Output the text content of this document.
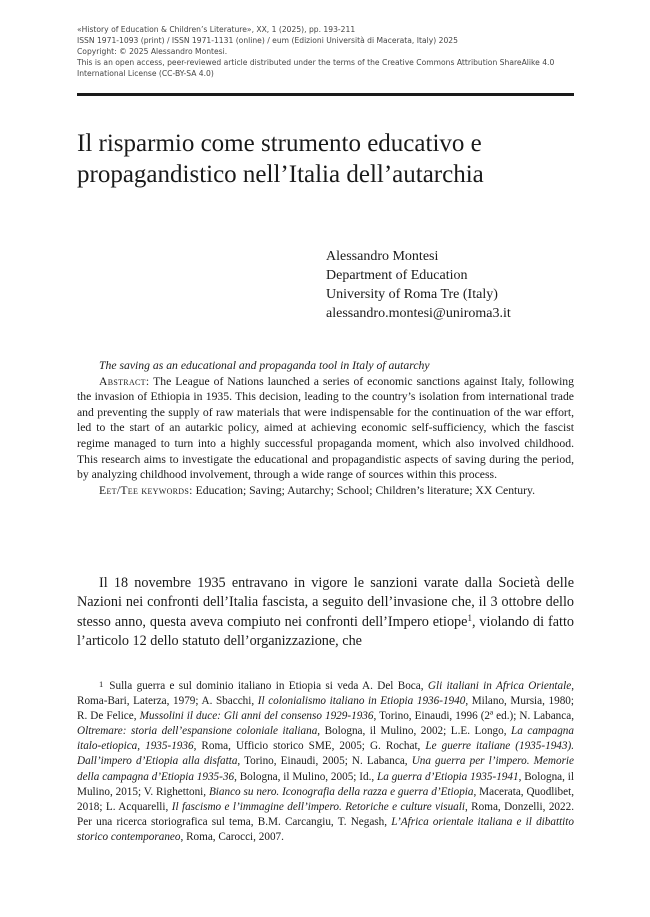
«History of Education & Children’s Literature», XX, 1 (2025), pp. 193-211
ISSN 1971-1093 (print) / ISSN 1971-1131 (online) / eum (Edizioni Università di Macerata, Italy) 2025
Copyright: © 2025 Alessandro Montesi.
This is an open access, peer-reviewed article distributed under the terms of the Creative Commons Attribution ShareAlike 4.0
International License (CC-BY-SA 4.0)
Il risparmio come strumento educativo e
propagandistico nell’Italia dell’autarchia
Alessandro Montesi
Department of Education
University of Roma Tre (Italy)
alessandro.montesi@uniroma3.it
The saving as an educational and propaganda tool in Italy of autarchy

Abstract: The League of Nations launched a series of economic sanctions against Italy, following the invasion of Ethiopia in 1935. This decision, leading to the country’s isolation from international trade and preventing the supply of raw materials that were indispensable for the continuation of the war effort, led to the start of an autarkic policy, aimed at achieving economic self-sufficiency, which the fascist regime managed to turn into a highly successful propaganda moment, which also involved childhood. This research aims to investigate the educational and propagandistic aspects of saving during the period, by analyzing childhood involvement, through a wide range of sources within this process.

Eet/Tee keywords: Education; Saving; Autarchy; School; Children’s literature; XX Century.

Il 18 novembre 1935 entravano in vigore le sanzioni varate dalla Società delle Nazioni nei confronti dell’Italia fascista, a seguito dell’invasione che, il 3 ottobre dello stesso anno, questa aveva compiuto nei confronti dell’Impero etiope$^1$, violando di fatto l’articolo 12 dello statuto dell’organizzazione, che

1 Sulla guerra e sul dominio italiano in Etiopia si veda A. Del Boca, Gli italiani in Africa Orientale, Roma-Bari, Laterza, 1979; A. Sbacchi, Il colonialismo italiano in Etiopia 1936-1940, Milano, Mursia, 1980; R. De Felice, Mussolini il duce: Gli anni del consenso 1929-1936, Torino, Einaudi, 1996 (2ª ed.); N. Labanca, Oltremare: storia dell’espansione coloniale italiana, Bologna, il Mulino, 2002; L.E. Longo, La campagna italo-etiopica, 1935-1936, Roma, Ufficio storico SME, 2005; G. Rochat, Le guerre italiane (1935-1943). Dall’impero d’Etiopia alla disfatta, Torino, Einaudi, 2005; N. Labanca, Una guerra per l’impero. Memorie della campagna d’Etiopia 1935-36, Bologna, il Mulino, 2005; Id., La guerra d’Etiopia 1935-1941, Bologna, il Mulino, 2015; V. Righettoni, Bianco su nero. Iconografia della razza e guerra d’Etiopia, Macerata, Quodlibet, 2018; L. Acquarelli, Il fascismo e l’immagine dell’impero. Retoriche e culture visuali, Roma, Donzelli, 2022. Per una ricerca storiografica sul tema, B.M. Carcangiu, T. Negash, L’Africa orientale italiana e il dibattito storico contemporaneo, Roma, Carocci, 2007.
